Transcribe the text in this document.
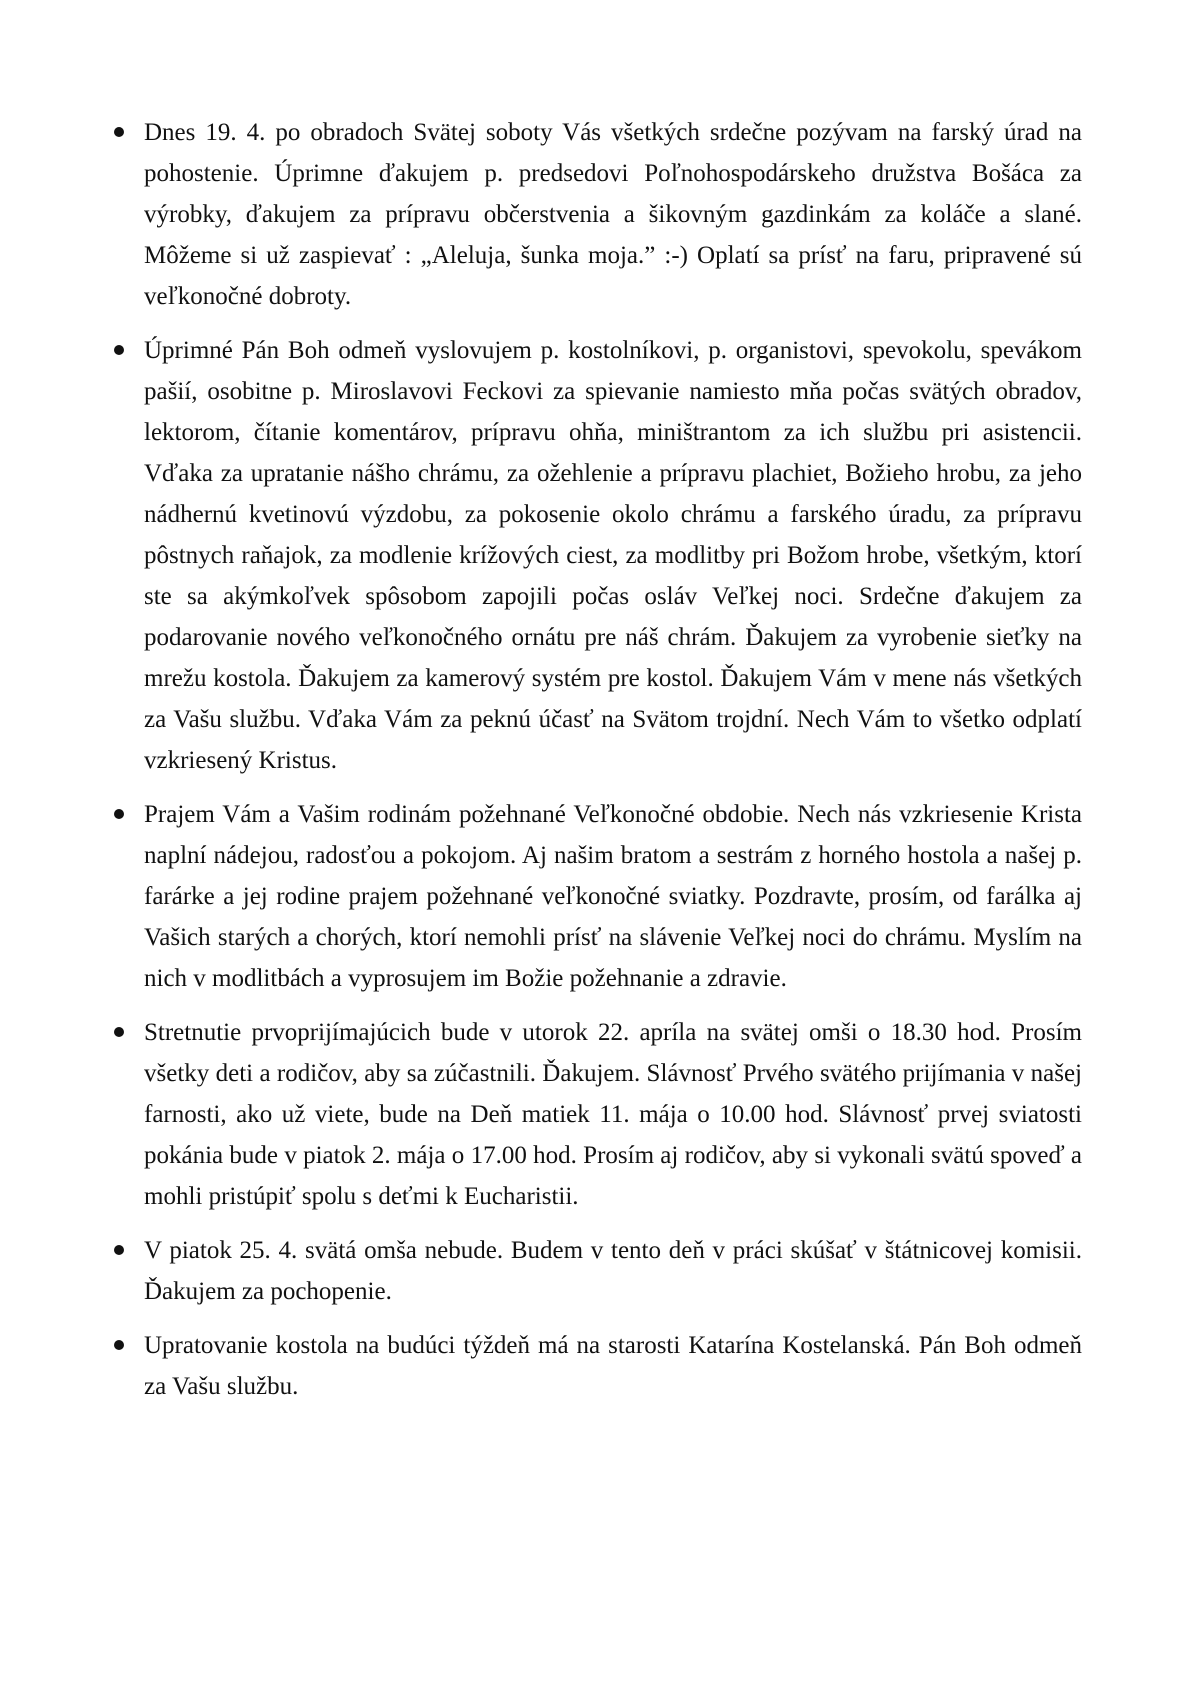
Dnes 19. 4. po obradoch Svätej soboty Vás všetkých srdečne pozývam na farský úrad na pohostenie. Úprimne ďakujem p. predsedovi Poľnohospodárskeho družstva Bošáca za výrobky, ďakujem za prípravu občerstvenia a šikovným gazdinkám za koláče a slané. Môžeme si už zaspievať : „Aleluja, šunka moja.” :-) Oplatí sa prísť na faru, pripravené sú veľkonočné dobroty.
Úprimné Pán Boh odmeň vyslovujem p. kostolníkovi, p. organistovi, spevokolu, spevákom pašií, osobitne p. Miroslavovi Feckovi za spievanie namiesto mňa počas svätých obradov, lektorom, čítanie komentárov, prípravu ohňa, miništrantom za ich službu pri asistencii. Vďaka za upratanie nášho chrámu, za ožehlenie a prípravu plachiet, Božieho hrobu, za jeho nádhernú kvetinovú výzdobu, za pokosenie okolo chrámu a farského úradu, za prípravu pôstnych raňajok, za modlenie krížových ciest, za modlitby pri Božom hrobe, všetkým, ktorí ste sa akýmkoľvek spôsobom zapojili počas osláv Veľkej noci. Srdečne ďakujem za podarovanie nového veľkonočného ornátu pre náš chrám. Ďakujem za vyrobenie sieťky na mrežu kostola. Ďakujem za kamerový systém pre kostol. Ďakujem Vám v mene nás všetkých za Vašu službu. Vďaka Vám za peknú účasť na Svätom trojdní. Nech Vám to všetko odplatí vzkriesený Kristus.
Prajem Vám a Vašim rodinám požehnané Veľkonočné obdobie. Nech nás vzkriesenie Krista naplní nádejou, radosťou a pokojom. Aj našim bratom a sestrám z horného hostola a našej p. farárke a jej rodine prajem požehnané veľkonočné sviatky. Pozdravte, prosím, od farálka aj Vašich starých a chorých, ktorí nemohli prísť na slávenie Veľkej noci do chrámu. Myslím na nich v modlitbách a vyprosujem im Božie požehnanie a zdravie.
Stretnutie prvoprijímajúcich bude v utorok 22. apríla na svätej omši o 18.30 hod. Prosím všetky deti a rodičov, aby sa zúčastnili. Ďakujem. Slávnosť Prvého svätého prijímania v našej farnosti, ako už viete, bude na Deň matiek 11. mája o 10.00 hod. Slávnosť prvej sviatosti pokánia bude v piatok 2. mája o 17.00 hod. Prosím aj rodičov, aby si vykonali svätú spoveď a mohli pristúpiť spolu s deťmi k Eucharistii.
V piatok 25. 4. svätá omša nebude. Budem v tento deň v práci skúšať v štátnicovej komisii. Ďakujem za pochopenie.
Upratovanie kostola na budúci týždeň má na starosti Katarína Kostelanská. Pán Boh odmeň za Vašu službu.
